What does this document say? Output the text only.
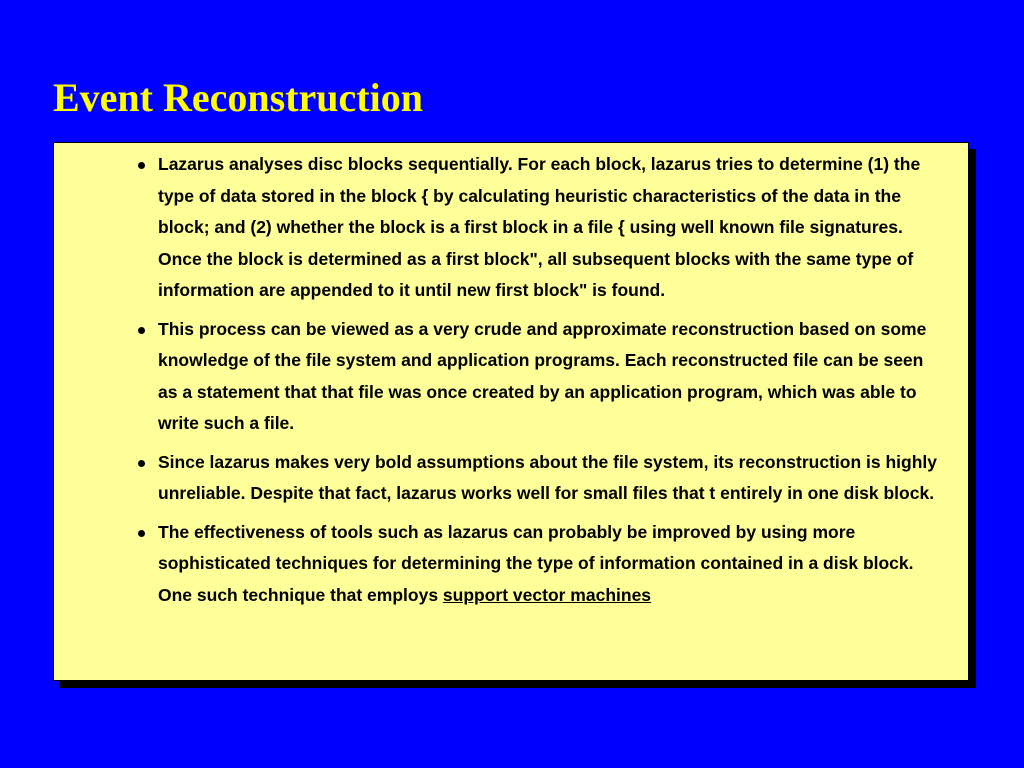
Event Reconstruction
Lazarus analyses disc blocks sequentially. For each block, lazarus tries to determine (1) the type of data stored in the block { by calculating heuristic characteristics of the data in the block; and (2) whether the block is a first block in a file { using well known file signatures. Once the block is determined as a first block", all subsequent blocks with the same type of information are appended to it until new first block" is found.
This process can be viewed as a very crude and approximate reconstruction based on some knowledge of the file system and application programs. Each reconstructed file can be seen as a statement that that file was once created by an application program, which was able to write such a file.
Since lazarus makes very bold assumptions about the file system, its reconstruction is highly unreliable. Despite that fact, lazarus works well for small files that t entirely in one disk block.
The effectiveness of tools such as lazarus can probably be improved by using more sophisticated techniques for determining the type of information contained in a disk block. One such technique that employs support vector machines
